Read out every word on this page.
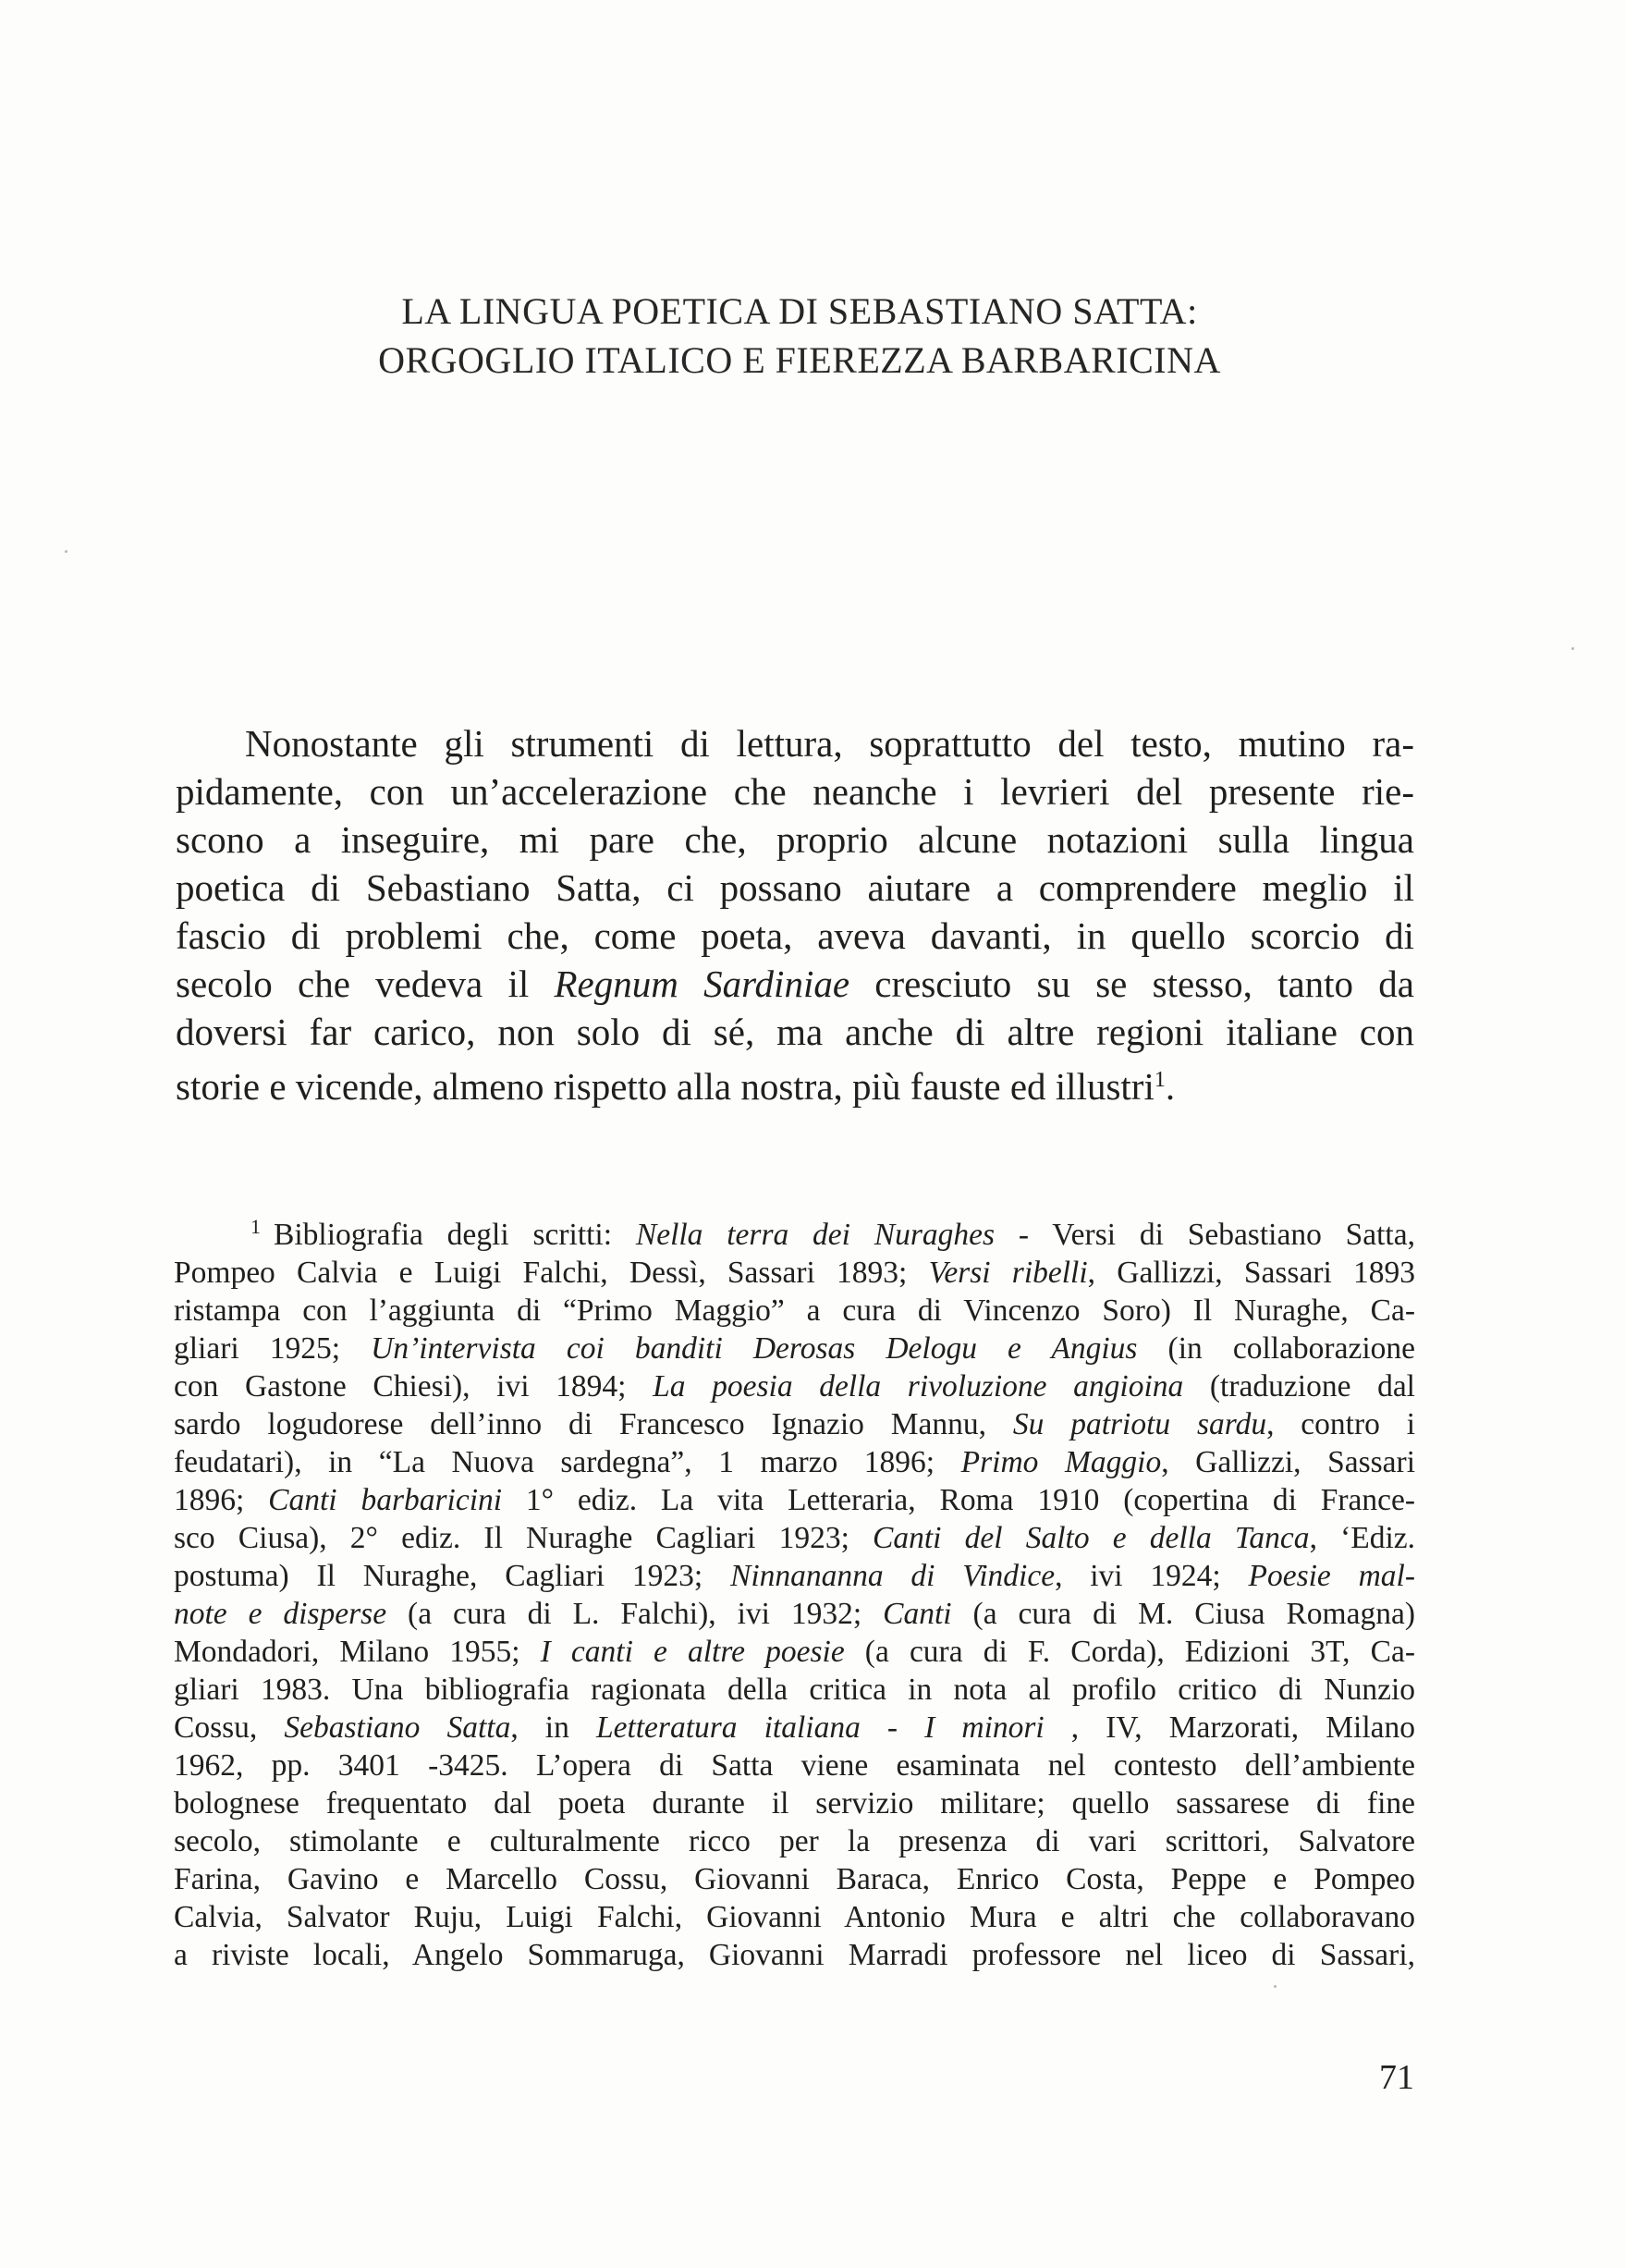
LA LINGUA POETICA DI SEBASTIANO SATTA:
ORGOGLIO ITALICO E FIEREZZA BARBARICINA
Nonostante gli strumenti di lettura, soprattutto del testo, mutino ra-
pidamente, con un’accelerazione che neanche i levrieri del presente rie-
scono a inseguire, mi pare che, proprio alcune notazioni sulla lingua
poetica di Sebastiano Satta, ci possano aiutare a comprendere meglio il
fascio di problemi che, come poeta, aveva davanti, in quello scorcio di
secolo che vedeva il Regnum Sardiniae cresciuto su se stesso, tanto da
doversi far carico, non solo di sé, ma anche di altre regioni italiane con
storie e vicende, almeno rispetto alla nostra, più fauste ed illustri$^1$.
$^1$ Bibliografia degli scritti: Nella terra dei Nuraghes - Versi di Sebastiano Satta,
Pompeo Calvia e Luigi Falchi, Dessì, Sassari 1893; Versi ribelli, Gallizzi, Sassari 1893
ristampa con l’aggiunta di “Primo Maggio” a cura di Vincenzo Soro) Il Nuraghe, Ca-
gliari 1925; Un’intervista coi banditi Derosas Delogu e Angius (in collaborazione
con Gastone Chiesi), ivi 1894; La poesia della rivoluzione angioina (traduzione dal
sardo logudorese dell’inno di Francesco Ignazio Mannu, Su patriotu sardu, contro i
feudatari), in “La Nuova sardegna”, 1 marzo 1896; Primo Maggio, Gallizzi, Sassari
1896; Canti barbaricini 1° ediz. La vita Letteraria, Roma 1910 (copertina di France-
sco Ciusa), 2° ediz. Il Nuraghe Cagliari 1923; Canti del Salto e della Tanca, ‘Ediz.
postuma) Il Nuraghe, Cagliari 1923; Ninnananna di Vindice, ivi 1924; Poesie mal-
note e disperse (a cura di L. Falchi), ivi 1932; Canti (a cura di M. Ciusa Romagna)
Mondadori, Milano 1955; I canti e altre poesie (a cura di F. Corda), Edizioni 3T, Ca-
gliari 1983. Una bibliografia ragionata della critica in nota al profilo critico di Nunzio
Cossu, Sebastiano Satta, in Letteratura italiana - I minori , IV, Marzorati, Milano
1962, pp. 3401 -3425. L’opera di Satta viene esaminata nel contesto dell’ambiente
bolognese frequentato dal poeta durante il servizio militare; quello sassarese di fine
secolo, stimolante e culturalmente ricco per la presenza di vari scrittori, Salvatore
Farina, Gavino e Marcello Cossu, Giovanni Baraca, Enrico Costa, Peppe e Pompeo
Calvia, Salvator Ruju, Luigi Falchi, Giovanni Antonio Mura e altri che collaboravano
a riviste locali, Angelo Sommaruga, Giovanni Marradi professore nel liceo di Sassari,
71
